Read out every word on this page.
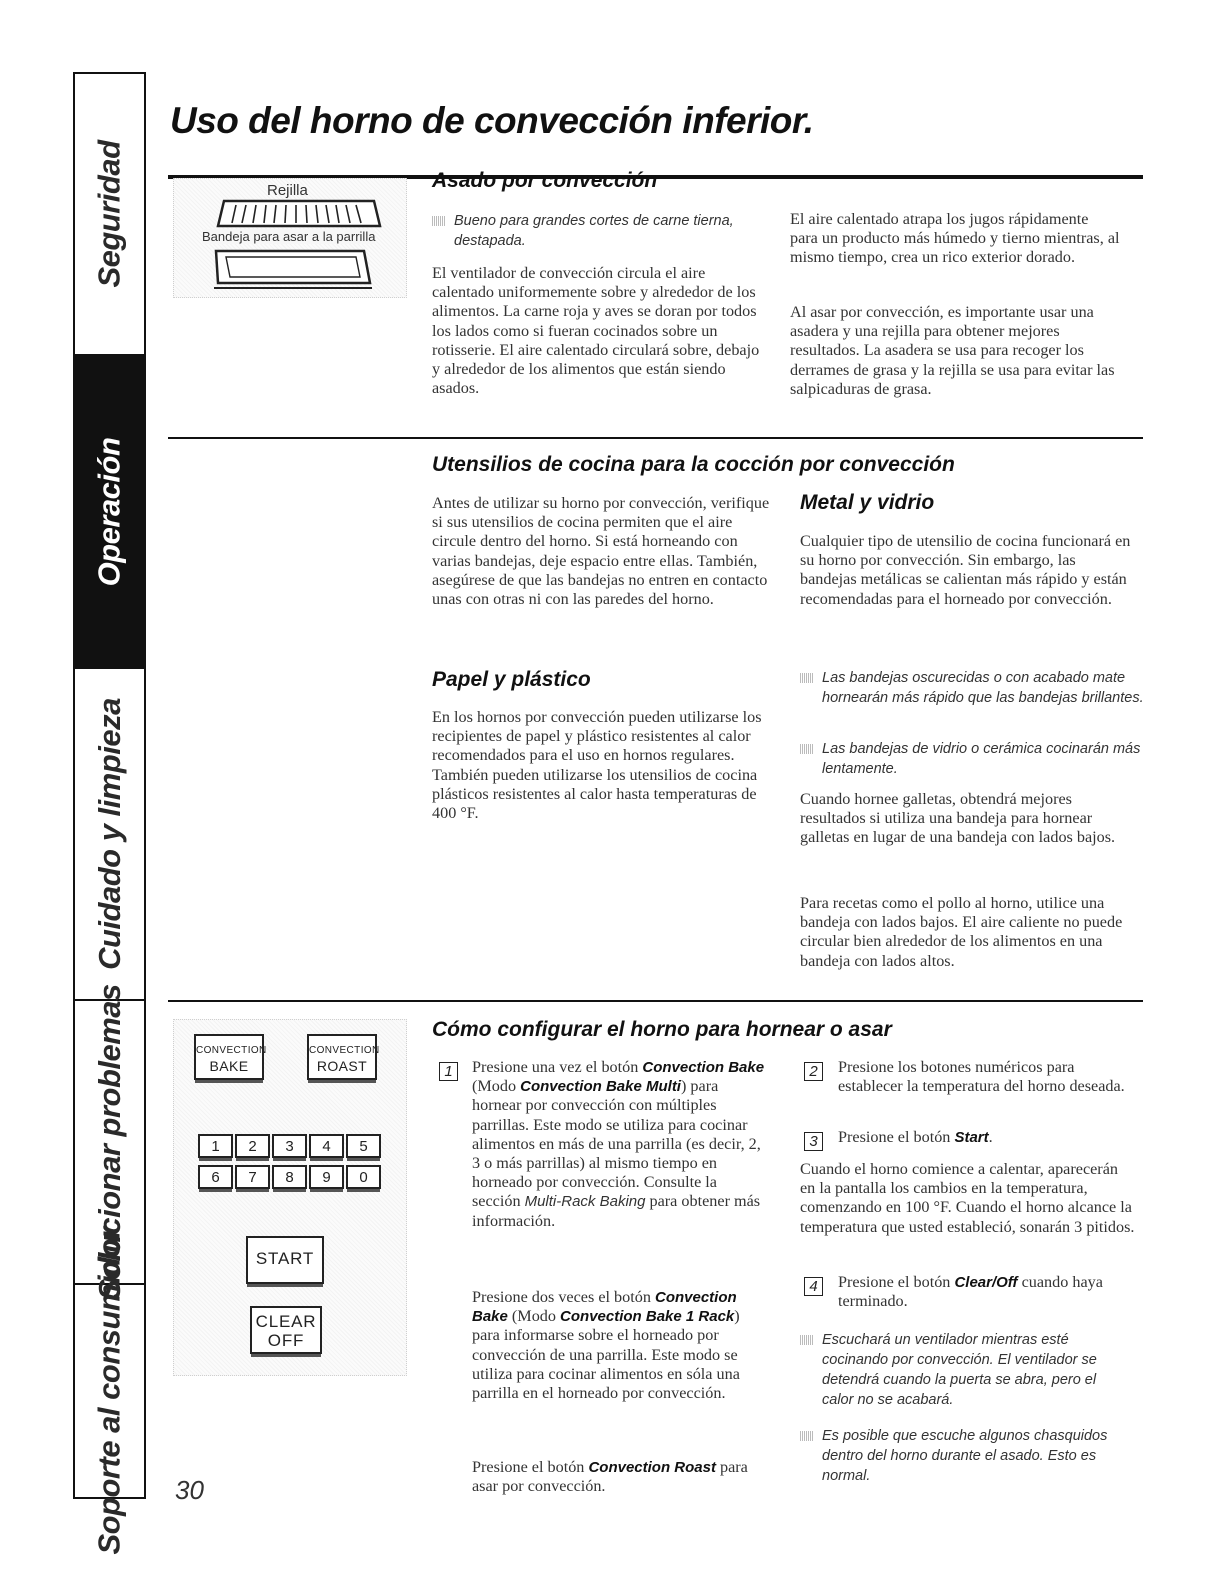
Seguridad
Operación
Cuidado y limpieza
Solucionar problemas
Soporte al consumidor
Uso del horno de convección inferior.
Rejilla
Bandeja para asar a la parrilla
Asado por convección
Bueno para grandes cortes de carne tierna, destapada.

El ventilador de convección circula el aire calentado uniformemente sobre y alrededor de los alimentos. La carne roja y aves se doran por todos los lados como si fueran cocinados sobre un rotisserie. El aire calentado circulará sobre, debajo y alrededor de los alimentos que están siendo asados.

El aire calentado atrapa los jugos rápidamente para un producto más húmedo y tierno mientras, al mismo tiempo, crea un rico exterior dorado.

Al asar por convección, es importante usar una asadera y una rejilla para obtener mejores resultados. La asadera se usa para recoger los derrames de grasa y la rejilla se usa para evitar las salpicaduras de grasa.

Utensilios de cocina para la cocción por convección

Antes de utilizar su horno por convección, verifique si sus utensilios de cocina permiten que el aire circule dentro del horno. Si está horneando con varias bandejas, deje espacio entre ellas. También, asegúrese de que las bandejas no entren en contacto unas con otras ni con las paredes del horno.

Papel y plástico

En los hornos por convección pueden utilizarse los recipientes de papel y plástico resistentes al calor recomendados para el uso en hornos regulares. También pueden utilizarse los utensilios de cocina plásticos resistentes al calor hasta temperaturas de 400 °F.

Metal y vidrio

Cualquier tipo de utensilio de cocina funcionará en su horno por convección. Sin embargo, las bandejas metálicas se calientan más rápido y están recomendadas para el horneado por convección.

Las bandejas oscurecidas o con acabado mate hornearán más rápido que las bandejas brillantes.
Las bandejas de vidrio o cerámica cocinarán más lentamente.

Cuando hornee galletas, obtendrá mejores resultados si utiliza una bandeja para hornear galletas en lugar de una bandeja con lados bajos.

Para recetas como el pollo al horno, utilice una bandeja con lados bajos. El aire caliente no puede circular bien alrededor de los alimentos en una bandeja con lados altos.

CONVECTION
BAKE
CONVECTION
ROAST
1	2	3	4	5
6	7	8	9	0
START
CLEAR
OFF
Cómo configurar el horno para hornear o asar
1	Presione una vez el botón Convection Bake (Modo Convection Bake Multi) para hornear por convección con múltiples parrillas. Este modo se utiliza para cocinar alimentos en más de una parrilla (es decir, 2, 3 o más parrillas) al mismo tiempo en horneado por convección. Consulte la sección Multi-Rack Baking para obtener más información.

Presione dos veces el botón Convection Bake (Modo Convection Bake 1 Rack) para informarse sobre el horneado por convección de una parrilla. Este modo se utiliza para cocinar alimentos en sóla una parrilla en el horneado por convección.

Presione el botón Convection Roast para asar por convección.

2	Presione los botones numéricos para establecer la temperatura del horno deseada.

3	Presione el botón Start.

Cuando el horno comience a calentar, aparecerán en la pantalla los cambios en la temperatura, comenzando en 100 °F. Cuando el horno alcance la temperatura que usted estableció, sonarán 3 pitidos.

4	Presione el botón Clear/Off cuando haya terminado.

Escuchará un ventilador mientras esté cocinando por convección. El ventilador se detendrá cuando la puerta se abra, pero el calor no se acabará.
Es posible que escuche algunos chasquidos dentro del horno durante el asado. Esto es normal.
30
